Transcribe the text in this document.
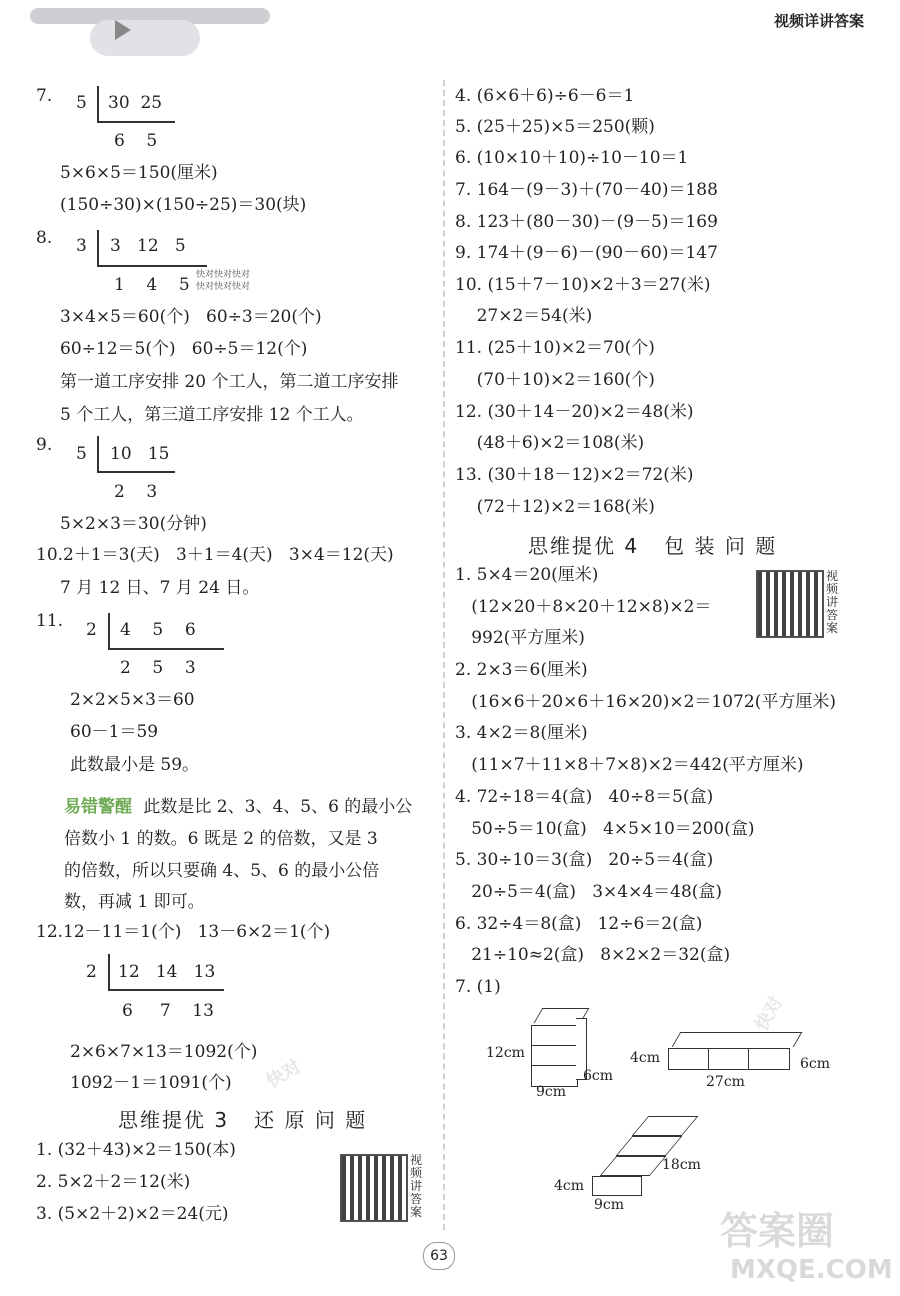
视频详讲答案
7. 5 30  25
6    5
5×6×5＝150(厘米)
(150÷30)×(150÷25)＝30(块)
8. 3 3   12   5
1    4    5 快对快对快对
快对快对快对
3×4×5＝60(个)   60÷3＝20(个)
60÷12＝5(个)   60÷5＝12(个)
第一道工序安排 20 个工人，第二道工序安排
5 个工人，第三道工序安排 12 个工人。
9. 5 10   15
2    3
5×2×3＝30(分钟)
10.2＋1＝3(天)   3＋1＝4(天)   3×4＝12(天)
7 月 12 日、7 月 24 日。
11. 2 4    5    6
2    5    3
2×2×5×3＝60
60－1＝59
此数最小是 59。
易错警醒 此数是比 2、3、4、5、6 的最小公
倍数小 1 的数。6 既是 2 的倍数，又是 3
的倍数，所以只要确 4、5、6 的最小公倍
数，再减 1 即可。
12.12－11＝1(个)   13－6×2＝1(个)
2 12   14   13
6     7    13
2×6×7×13＝1092(个)
1092－1＝1091(个)
思维提优 3   还 原 问 题
1. (32＋43)×2＝150(本)
2. 5×2＋2＝12(米)
3. (5×2＋2)×2＝24(元)
视频讲答案
4. (6×6＋6)÷6－6＝1
5. (25＋25)×5＝250(颗)
6. (10×10＋10)÷10－10＝1
7. 164－(9－3)＋(70－40)＝188
8. 123＋(80－30)－(9－5)＝169
9. 174＋(9－6)－(90－60)＝147
10. (15＋7－10)×2＋3＝27(米)
27×2＝54(米)
11. (25＋10)×2＝70(个)
(70＋10)×2＝160(个)
12. (30＋14－20)×2＝48(米)
(48＋6)×2＝108(米)
13. (30＋18－12)×2＝72(米)
(72＋12)×2＝168(米)
思维提优 4   包 装 问 题
1. 5×4＝20(厘米)
(12×20＋8×20＋12×8)×2＝
992(平方厘米)
2. 2×3＝6(厘米)
(16×6＋20×6＋16×20)×2＝1072(平方厘米)
3. 4×2＝8(厘米)
(11×7＋11×8＋7×8)×2＝442(平方厘米)
4. 72÷18＝4(盒)   40÷8＝5(盒)
50÷5＝10(盒)   4×5×10＝200(盒)
5. 30÷10＝3(盒)   20÷5＝4(盒)
20÷5＝4(盒)   3×4×4＝48(盒)
6. 32÷4＝8(盒)   12÷6＝2(盒)
21÷10≈2(盒)   8×2×2＝32(盒)
7. (1)
视频讲答案
12cm
9cm
6cm
4cm
27cm
6cm
4cm
9cm
18cm
快对
快对
答案圈
MXQE.COM
63
